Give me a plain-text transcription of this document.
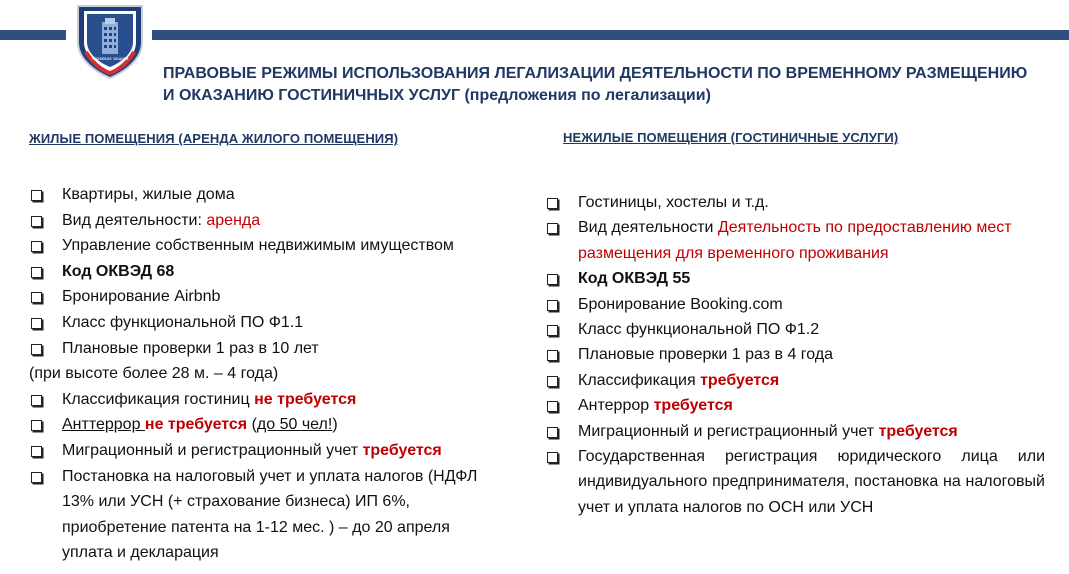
Правовая защита

ПРАВОВЫЕ РЕЖИМЫ ИСПОЛЬЗОВАНИЯ ЛЕГАЛИЗАЦИИ ДЕЯТЕЛЬНОСТИ ПО ВРЕМЕННОМУ РАЗМЕЩЕНИЮ И ОКАЗАНИЮ ГОСТИНИЧНЫХ УСЛУГ (предложения по легализации)

ЖИЛЫЕ ПОМЕЩЕНИЯ (АРЕНДА ЖИЛОГО ПОМЕЩЕНИЯ)	НЕЖИЛЫЕ ПОМЕЩЕНИЯ (ГОСТИНИЧНЫЕ УСЛУГИ)
Квартиры, жилые дома
Вид деятельности: аренда
Управление собственным недвижимым имуществом
Код ОКВЭД 68
Бронирование Airbnb
Класс функциональной ПО Ф1.1
Плановые проверки 1 раз в 10 лет
(при высоте более 28 м. – 4 года)
Классификация гостиниц не требуется
Анттеррор не требуется (до 50 чел!)
Миграционный и регистрационный учет требуется
Постановка на налоговый учет и уплата налогов (НДФЛ 13% или УСН (+ страхование бизнеса) ИП 6%, приобретение патента на 1-12 мес. ) – до 20 апреля уплата и декларация
Гостиницы, хостелы и т.д.
Вид деятельности Деятельность по предоставлению мест размещения для временного проживания
Код ОКВЭД 55
Бронирование Booking.com
Класс функциональной ПО Ф1.2
Плановые проверки 1 раз в 4 года
Классификация требуется
Антеррор требуется
Миграционный и регистрационный учет требуется
Государственная регистрация юридического лица или индивидуального предпринимателя, постановка на налоговый учет и уплата налогов по ОСН или УСН
